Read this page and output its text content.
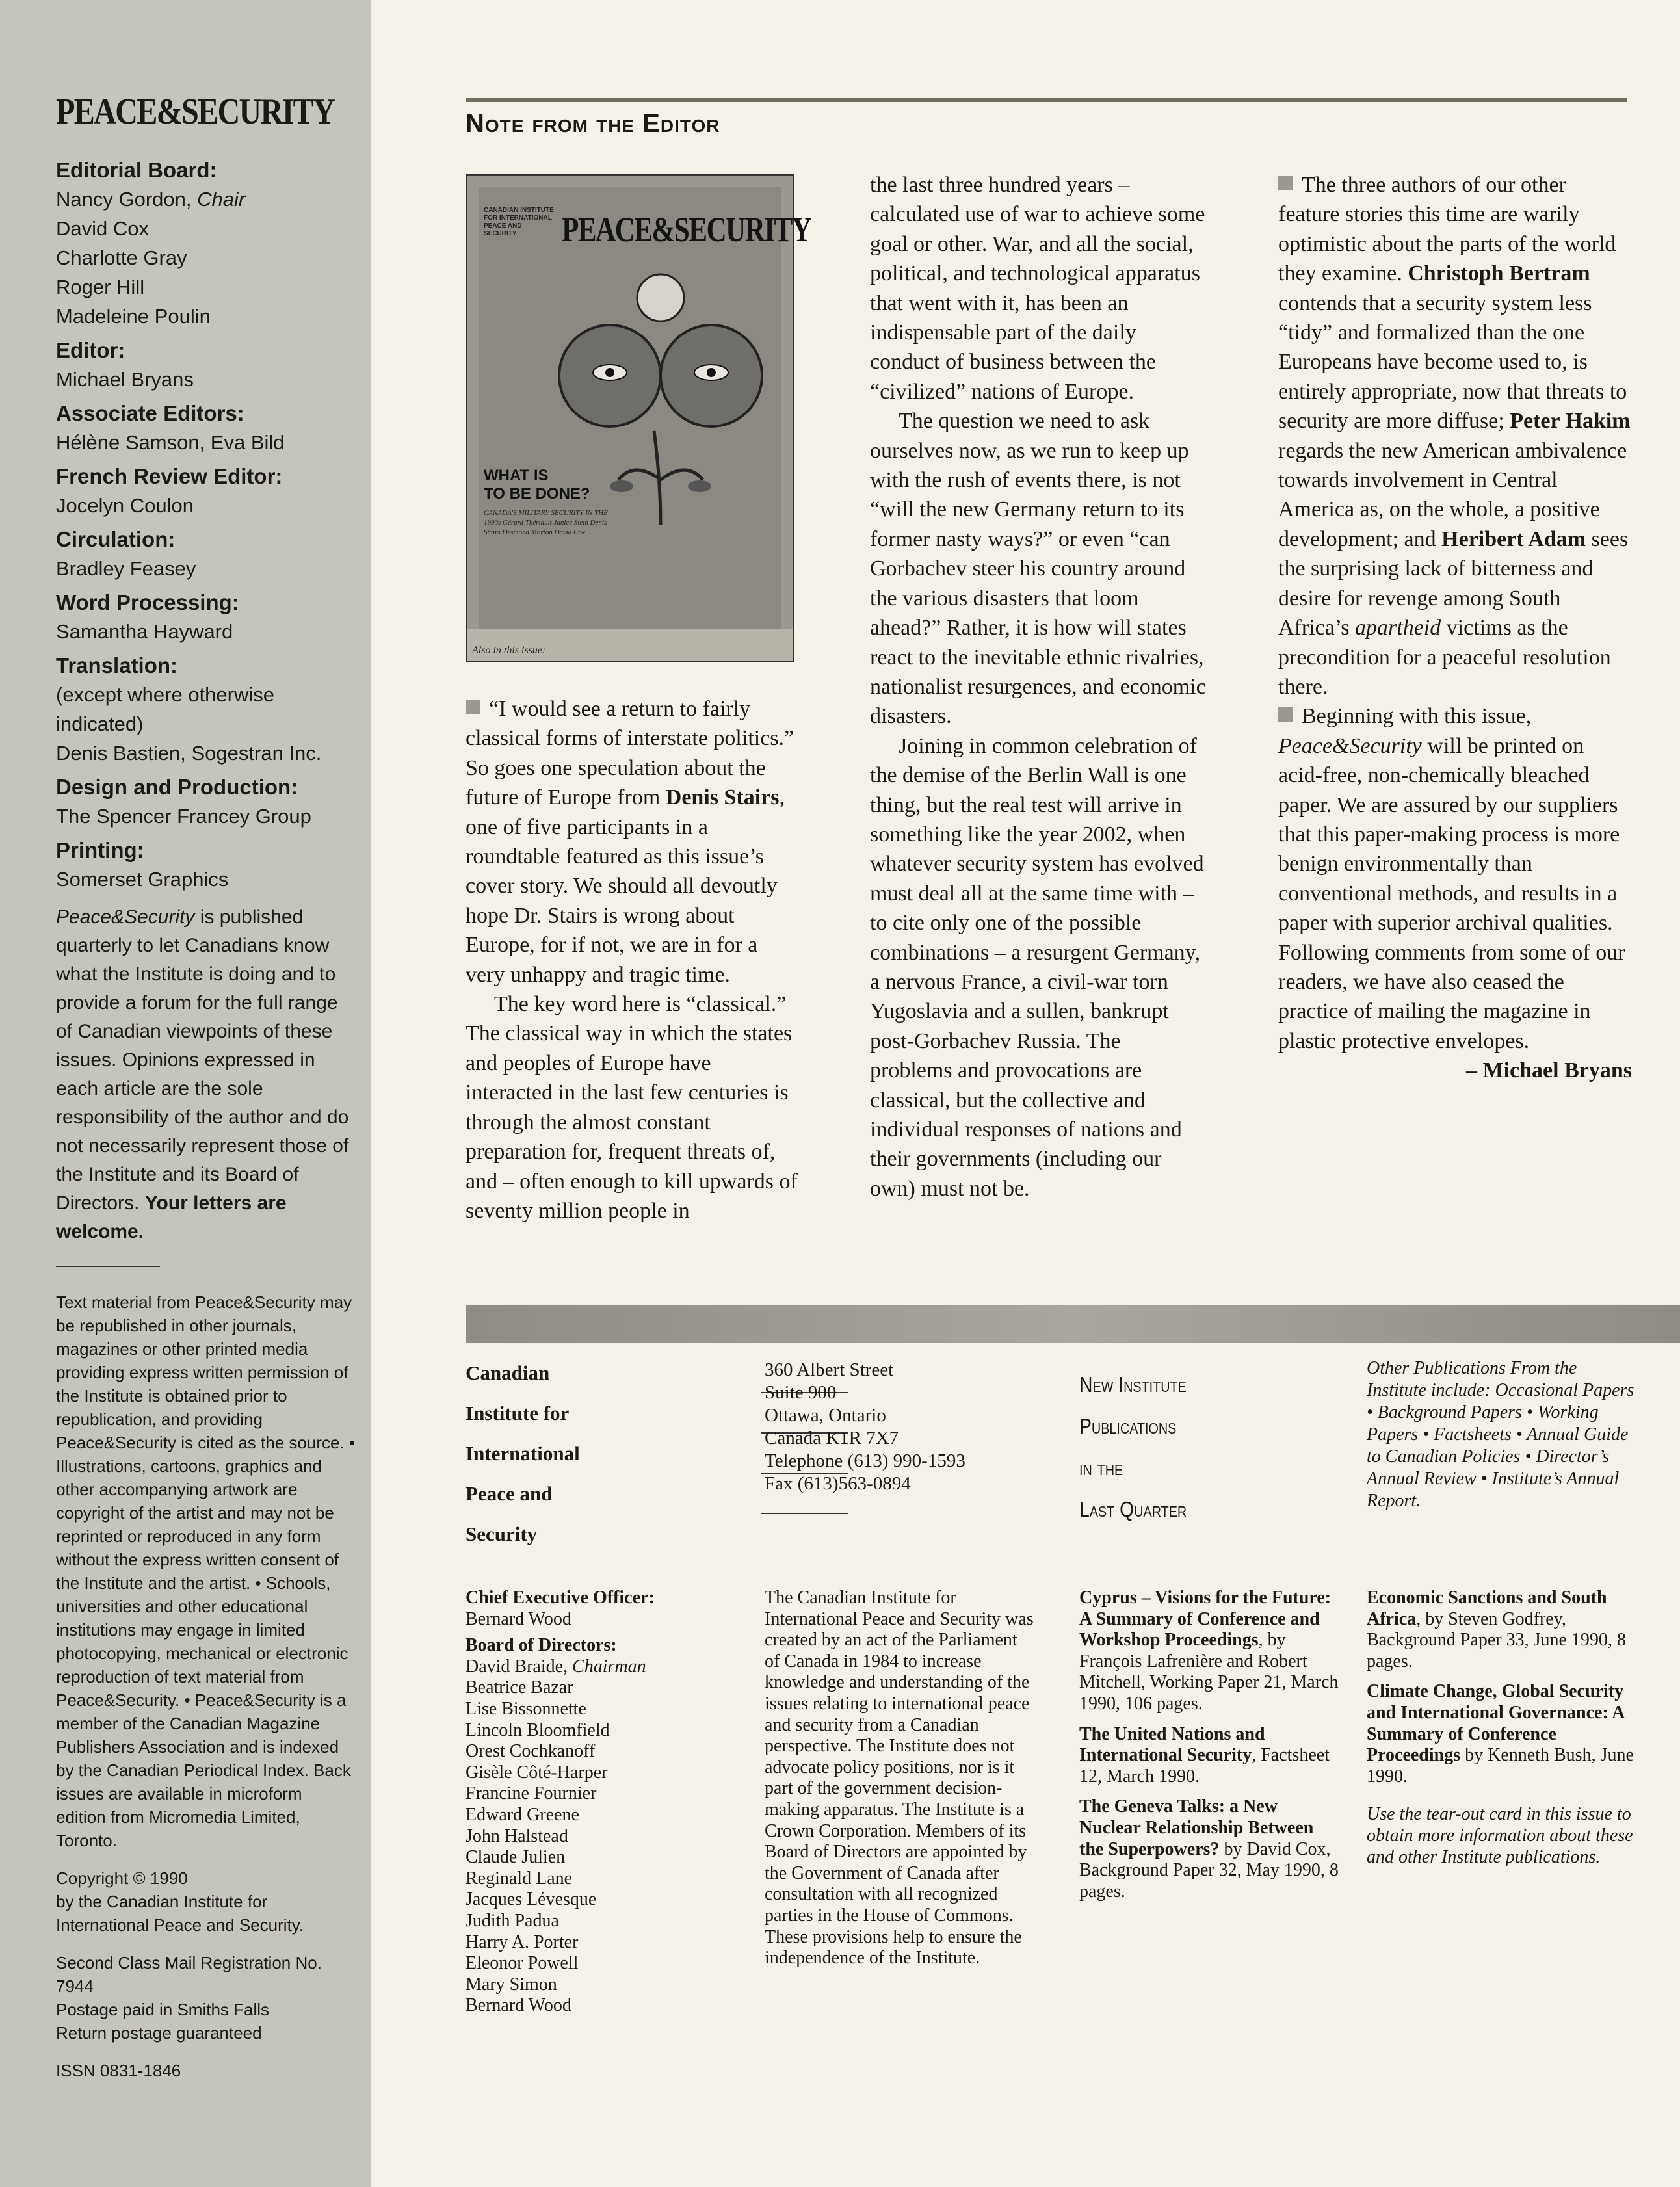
PEACE&SECURITY
Editorial Board:
Nancy Gordon, Chair
David Cox
Charlotte Gray
Roger Hill
Madeleine Poulin
Editor:
Michael Bryans
Associate Editors:
Hélène Samson, Eva Bild
French Review Editor:
Jocelyn Coulon
Circulation:
Bradley Feasey
Word Processing:
Samantha Hayward
Translation:
(except where otherwise indicated)
Denis Bastien, Sogestran Inc.
Design and Production:
The Spencer Francey Group
Printing:
Somerset Graphics
Peace&Security is published quarterly to let Canadians know what the Institute is doing and to provide a forum for the full range of Canadian viewpoints of these issues. Opinions expressed in each article are the sole responsibility of the author and do not necessarily represent those of the Institute and its Board of Directors. Your letters are welcome.

Text material from Peace&Security may be republished in other journals, magazines or other printed media providing express written permission of the Institute is obtained prior to republication, and providing Peace&Security is cited as the source. • Illustrations, cartoons, graphics and other accompanying artwork are copyright of the artist and may not be reprinted or reproduced in any form without the express written consent of the Institute and the artist. • Schools, universities and other educational institutions may engage in limited photocopying, mechanical or electronic reproduction of text material from Peace&Security. • Peace&Security is a member of the Canadian Magazine Publishers Association and is indexed by the Canadian Periodical Index. Back issues are available in microform edition from Micromedia Limited, Toronto.

Copyright © 1990
by the Canadian Institute for
International Peace and Security.

Second Class Mail Registration No. 7944
Postage paid in Smiths Falls
Return postage guaranteed

ISSN 0831-1846

Note from the Editor
CANADIAN INSTITUTE FOR INTERNATIONAL PEACE AND SECURITY	PEACE&SECURITY
WHAT IS
TO BE DONE?
CANADA'S MILITARY SECURITY IN THE 1990s Gérard Thériault Janice Stein Denis Stairs Desmond Morton David Cox
Also in this issue:

“I would see a return to fairly classical forms of interstate politics.” So goes one speculation about the future of Europe from Denis Stairs, one of five participants in a roundtable featured as this issue’s cover story. We should all devoutly hope Dr. Stairs is wrong about Europe, for if not, we are in for a very unhappy and tragic time.

The key word here is “classical.” The classical way in which the states and peoples of Europe have interacted in the last few centuries is through the almost constant preparation for, frequent threats of, and – often enough to kill upwards of seventy million people in

the last three hundred years – calculated use of war to achieve some goal or other. War, and all the social, political, and technological apparatus that went with it, has been an indispensable part of the daily conduct of business between the “civilized” nations of Europe.

The question we need to ask ourselves now, as we run to keep up with the rush of events there, is not “will the new Germany return to its former nasty ways?” or even “can Gorbachev steer his country around the various disasters that loom ahead?” Rather, it is how will states react to the inevitable ethnic rivalries, nationalist resurgences, and economic disasters.

Joining in common celebration of the demise of the Berlin Wall is one thing, but the real test will arrive in something like the year 2002, when whatever security system has evolved must deal all at the same time with – to cite only one of the possible combinations – a resurgent Germany, a nervous France, a civil-war torn Yugoslavia and a sullen, bankrupt post-Gorbachev Russia. The problems and provocations are classical, but the collective and individual responses of nations and their governments (including our own) must not be.

The three authors of our other feature stories this time are warily optimistic about the parts of the world they examine. Christoph Bertram contends that a security system less “tidy” and formalized than the one Europeans have become used to, is entirely appropriate, now that threats to security are more diffuse; Peter Hakim regards the new American ambivalence towards involvement in Central America as, on the whole, a positive development; and Heribert Adam sees the surprising lack of bitterness and desire for revenge among South Africa’s apartheid victims as the precondition for a peaceful resolution there.

Beginning with this issue, Peace&Security will be printed on acid-free, non-chemically bleached paper. We are assured by our suppliers that this paper-making process is more benign environmentally than conventional methods, and results in a paper with superior archival qualities. Following comments from some of our readers, we have also ceased the practice of mailing the magazine in plastic protective envelopes.

– Michael Bryans

Canadian
Institute for
International
Peace and
Security
360 Albert Street
Suite 900
Ottawa, Ontario
Canada K1R 7X7
Telephone (613) 990-1593
Fax (613)563-0894
New Institute
Publications
in the
Last Quarter
Other Publications From the Institute include: Occasional Papers • Background Papers • Working Papers • Factsheets • Annual Guide to Canadian Policies • Director’s Annual Review • Institute’s Annual Report.
Chief Executive Officer:
Bernard Wood
Board of Directors:
David Braide, Chairman
Beatrice Bazar
Lise Bissonnette
Lincoln Bloomfield
Orest Cochkanoff
Gisèle Côté-Harper
Francine Fournier
Edward Greene
John Halstead
Claude Julien
Reginald Lane
Jacques Lévesque
Judith Padua
Harry A. Porter
Eleonor Powell
Mary Simon
Bernard Wood
The Canadian Institute for International Peace and Security was created by an act of the Parliament of Canada in 1984 to increase knowledge and understanding of the issues relating to international peace and security from a Canadian perspective. The Institute does not advocate policy positions, nor is it part of the government decision-making apparatus. The Institute is a Crown Corporation. Members of its Board of Directors are appointed by the Government of Canada after consultation with all recognized parties in the House of Commons. These provisions help to ensure the independence of the Institute.

Cyprus – Visions for the Future: A Summary of Conference and Workshop Proceedings, by François Lafrenière and Robert Mitchell, Working Paper 21, March 1990, 106 pages.

The United Nations and International Security, Factsheet 12, March 1990.

The Geneva Talks: a New Nuclear Relationship Between the Superpowers? by David Cox, Background Paper 32, May 1990, 8 pages.

Economic Sanctions and South Africa, by Steven Godfrey, Background Paper 33, June 1990, 8 pages.

Climate Change, Global Security and International Governance: A Summary of Conference Proceedings by Kenneth Bush, June 1990.

Use the tear-out card in this issue to obtain more information about these and other Institute publications.
